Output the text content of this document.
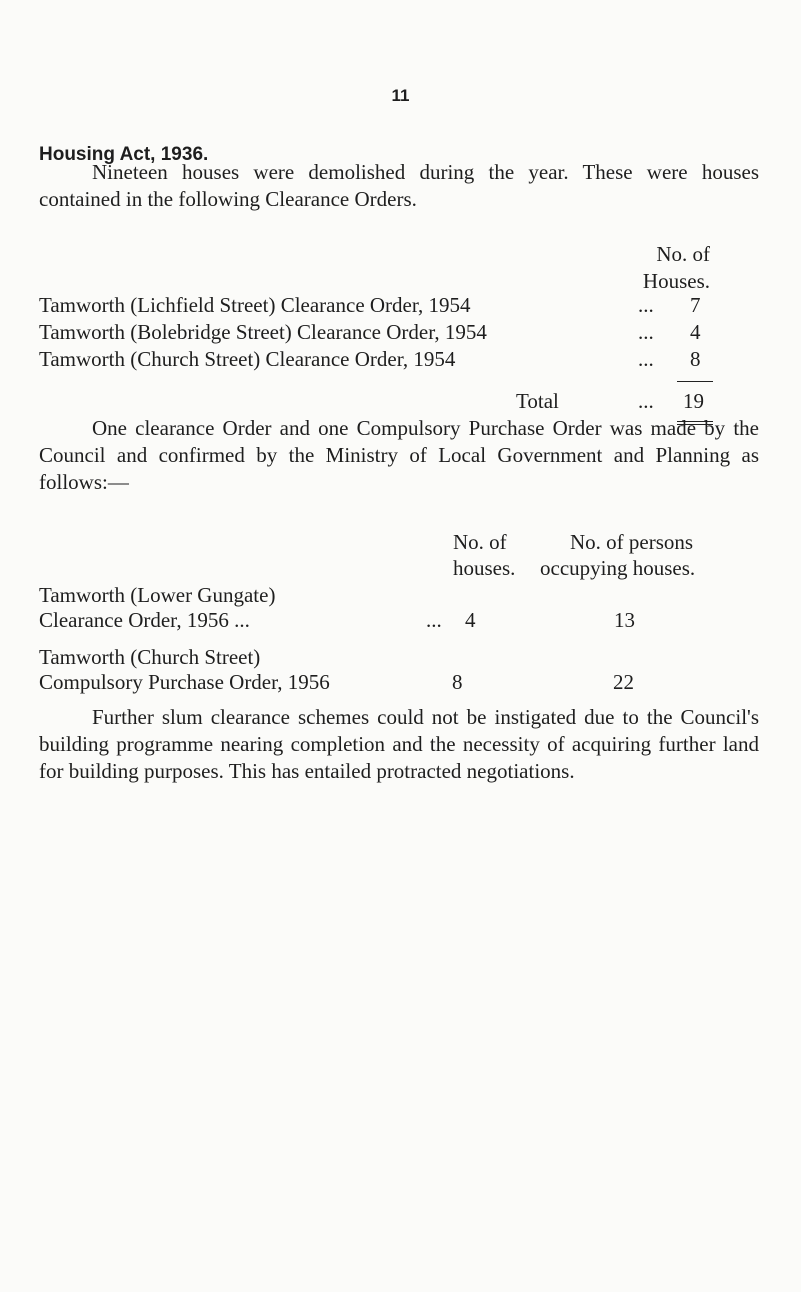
11
Housing Act, 1936.
Nineteen houses were demolished during the year. These were houses contained in the following Clearance Orders.
No. of
Houses.
Tamworth (Lichfield Street) Clearance Order, 1954	... 7
Tamworth (Bolebridge Street) Clearance Order, 1954	... 4
Tamworth (Church Street) Clearance Order, 1954	... 8
Total	... 19
One clearance Order and one Compulsory Purchase Order was made by the Council and confirmed by the Ministry of Local Government and Planning as follows:—
No. of
houses.
No. of persons
occupying houses.
Tamworth (Lower Gungate)
Clearance Order, 1956 ...	... 4	13
Tamworth (Church Street)
Compulsory Purchase Order, 1956	8	22
Further slum clearance schemes could not be instigated due to the Council's building programme nearing completion and the necessity of acquiring further land for building purposes. This has entailed protracted negotiations.
